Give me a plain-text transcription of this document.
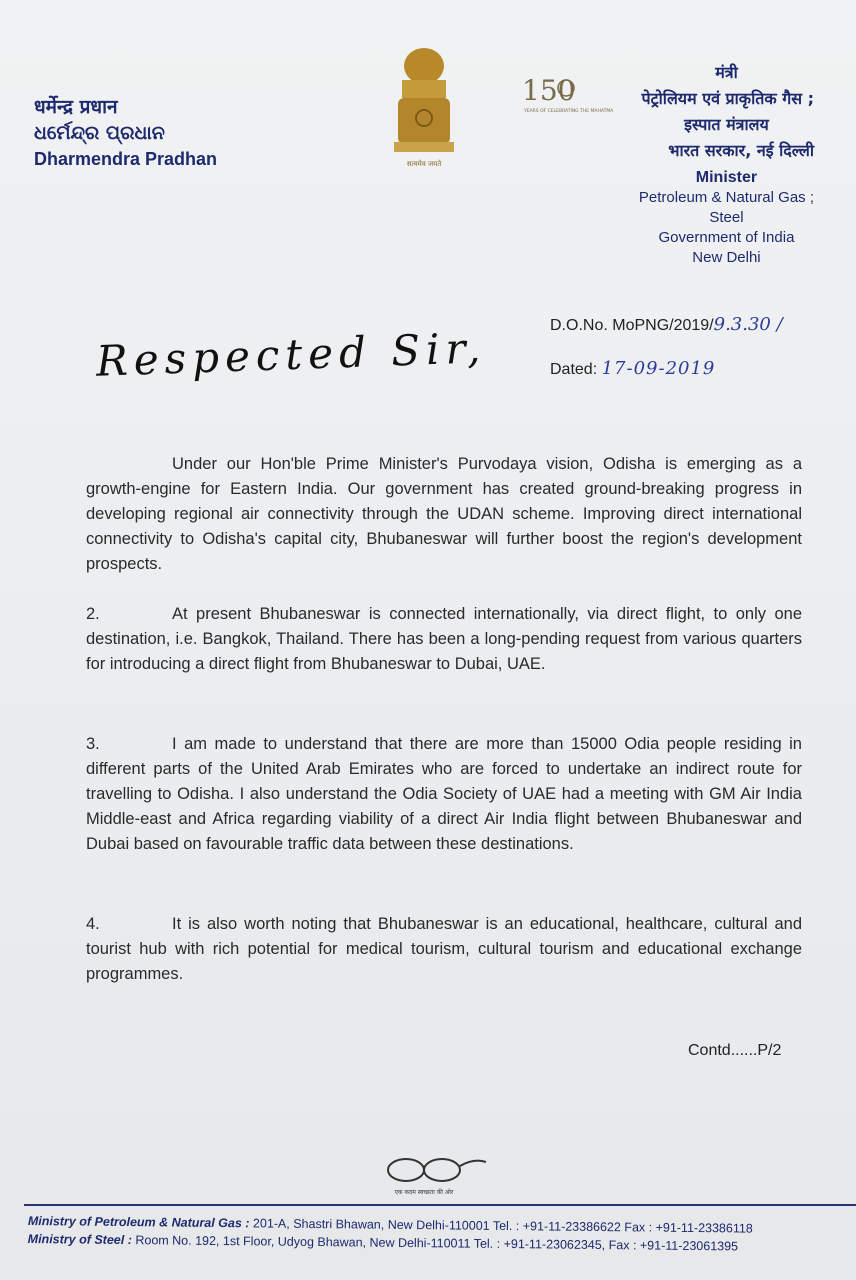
धर्मेन्द्र प्रधान
ଧର୍ମେନ୍ଦ୍ର ପ୍ରଧାନ
Dharmendra Pradhan	सत्यमेव जयते
150
YEARS OF CELEBRATING THE MAHATMA
मंत्री
पेट्रोलियम एवं प्राकृतिक गैस ;
इस्पात मंत्रालय
भारत सरकार, नई दिल्ली
Minister
Petroleum & Natural Gas ;
Steel
Government of India
New Delhi
D.O.No. MoPNG/2019/9.3.30 /
Dated: 17-09-2019
Respected Sir,
Under our Hon'ble Prime Minister's Purvodaya vision, Odisha is emerging as a growth-engine for Eastern India. Our government has created ground-breaking progress in developing regional air connectivity through the UDAN scheme. Improving direct international connectivity to Odisha's capital city, Bhubaneswar will further boost the region's development prospects.
2.	At present Bhubaneswar is connected internationally, via direct flight, to only one destination, i.e. Bangkok, Thailand. There has been a long-pending request from various quarters for introducing a direct flight from Bhubaneswar to Dubai, UAE.
3.	I am made to understand that there are more than 15000 Odia people residing in different parts of the United Arab Emirates who are forced to undertake an indirect route for travelling to Odisha. I also understand the Odia Society of UAE had a meeting with GM Air India Middle-east and Africa regarding viability of a direct Air India flight between Bhubaneswar and Dubai based on favourable traffic data between these destinations.
4.	It is also worth noting that Bhubaneswar is an educational, healthcare, cultural and tourist hub with rich potential for medical tourism, cultural tourism and educational exchange programmes.
Contd......P/2
एक कदम स्वच्छता की ओर
Ministry of Petroleum & Natural Gas : 201-A, Shastri Bhawan, New Delhi-110001 Tel. : +91-11-23386622 Fax : +91-11-23386118
Ministry of Steel : Room No. 192, 1st Floor, Udyog Bhawan, New Delhi-110011 Tel. : +91-11-23062345, Fax : +91-11-23061395
